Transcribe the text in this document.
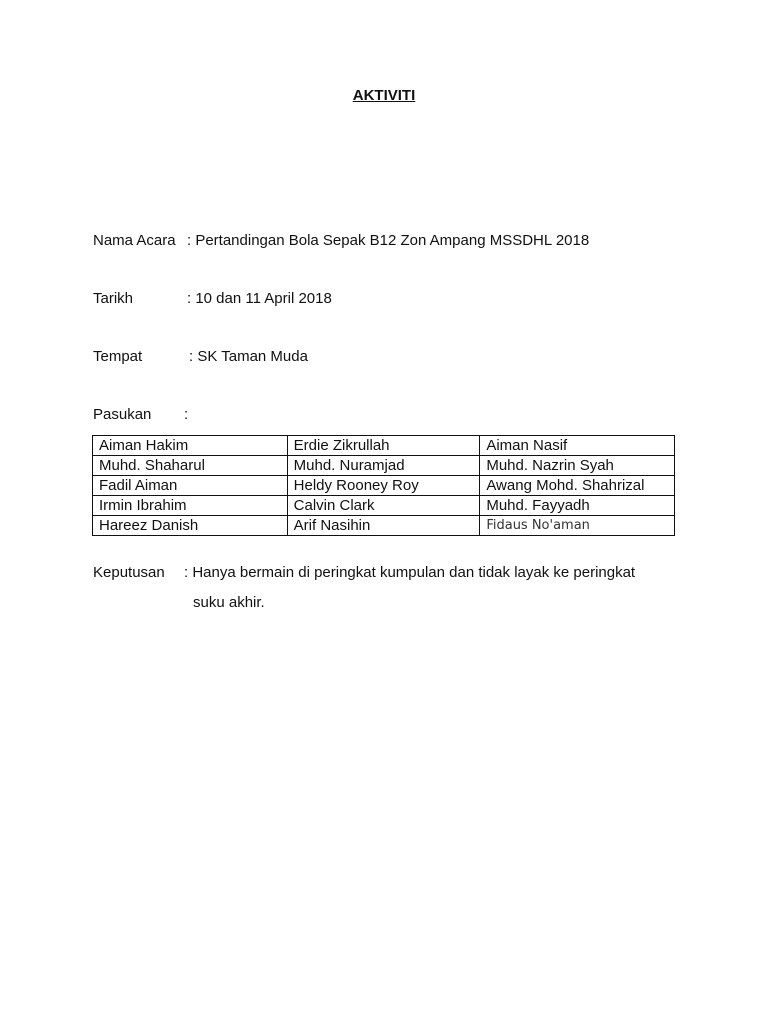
AKTIVITI
Nama Acara : Pertandingan Bola Sepak B12 Zon Ampang MSSDHL 2018
Tarikh	: 10 dan 11 April 2018
Tempat	: SK Taman Muda
Pasukan :
Aiman Hakim	Erdie Zikrullah	Aiman Nasif
Muhd. Shaharul	Muhd. Nuramjad	Muhd. Nazrin Syah
Fadil Aiman	Heldy Rooney Roy	Awang Mohd. Shahrizal
Irmin Ibrahim	Calvin Clark	Muhd. Fayyadh
Hareez Danish	Arif Nasihin	Fidaus No'aman
Keputusan : Hanya bermain di peringkat kumpulan dan tidak layak ke peringkat
suku akhir.
